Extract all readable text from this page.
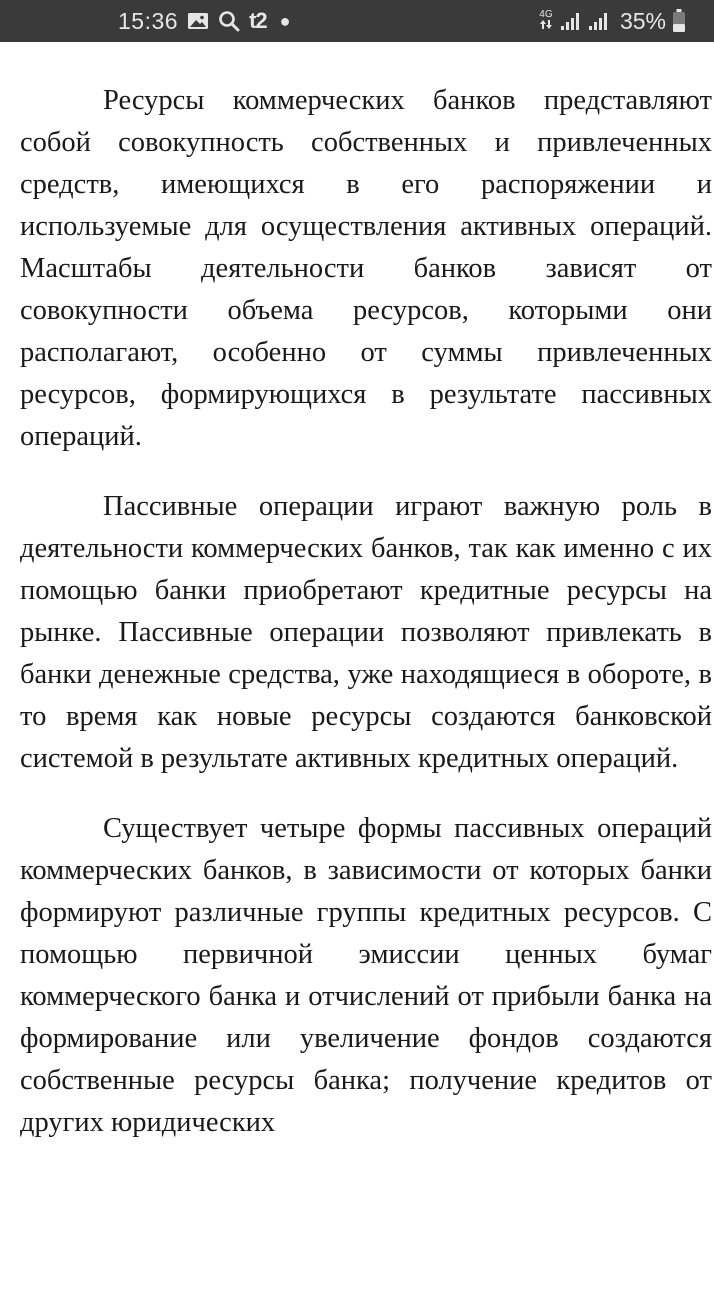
15:36	t2 ●	4G	35%

Ресурсы коммерческих банков представляют собой совокупность собственных и привлеченных средств, имеющихся в его распоряжении и используемые для осуществления активных операций. Масштабы деятельности банков зависят от совокупности объема ресурсов, которыми они располагают, особенно от суммы привлеченных ресурсов, формирующихся в результате пассивных операций.

Пассивные операции играют важную роль в деятельности коммерческих банков, так как именно с их помощью банки приобретают кредитные ресурсы на рынке. Пассивные операции позволяют привлекать в банки денежные средства, уже находящиеся в обороте, в то время как новые ресурсы создаются банковской системой в результате активных кредитных операций.

Существует четыре формы пассивных операций коммерческих банков, в зависимости от которых банки формируют различные группы кредитных ресурсов. С помощью первичной эмиссии ценных бумаг коммерческого банка и отчислений от прибыли банка на формирование или увеличение фондов создаются собственные ресурсы банка; получение кредитов от других юридических
